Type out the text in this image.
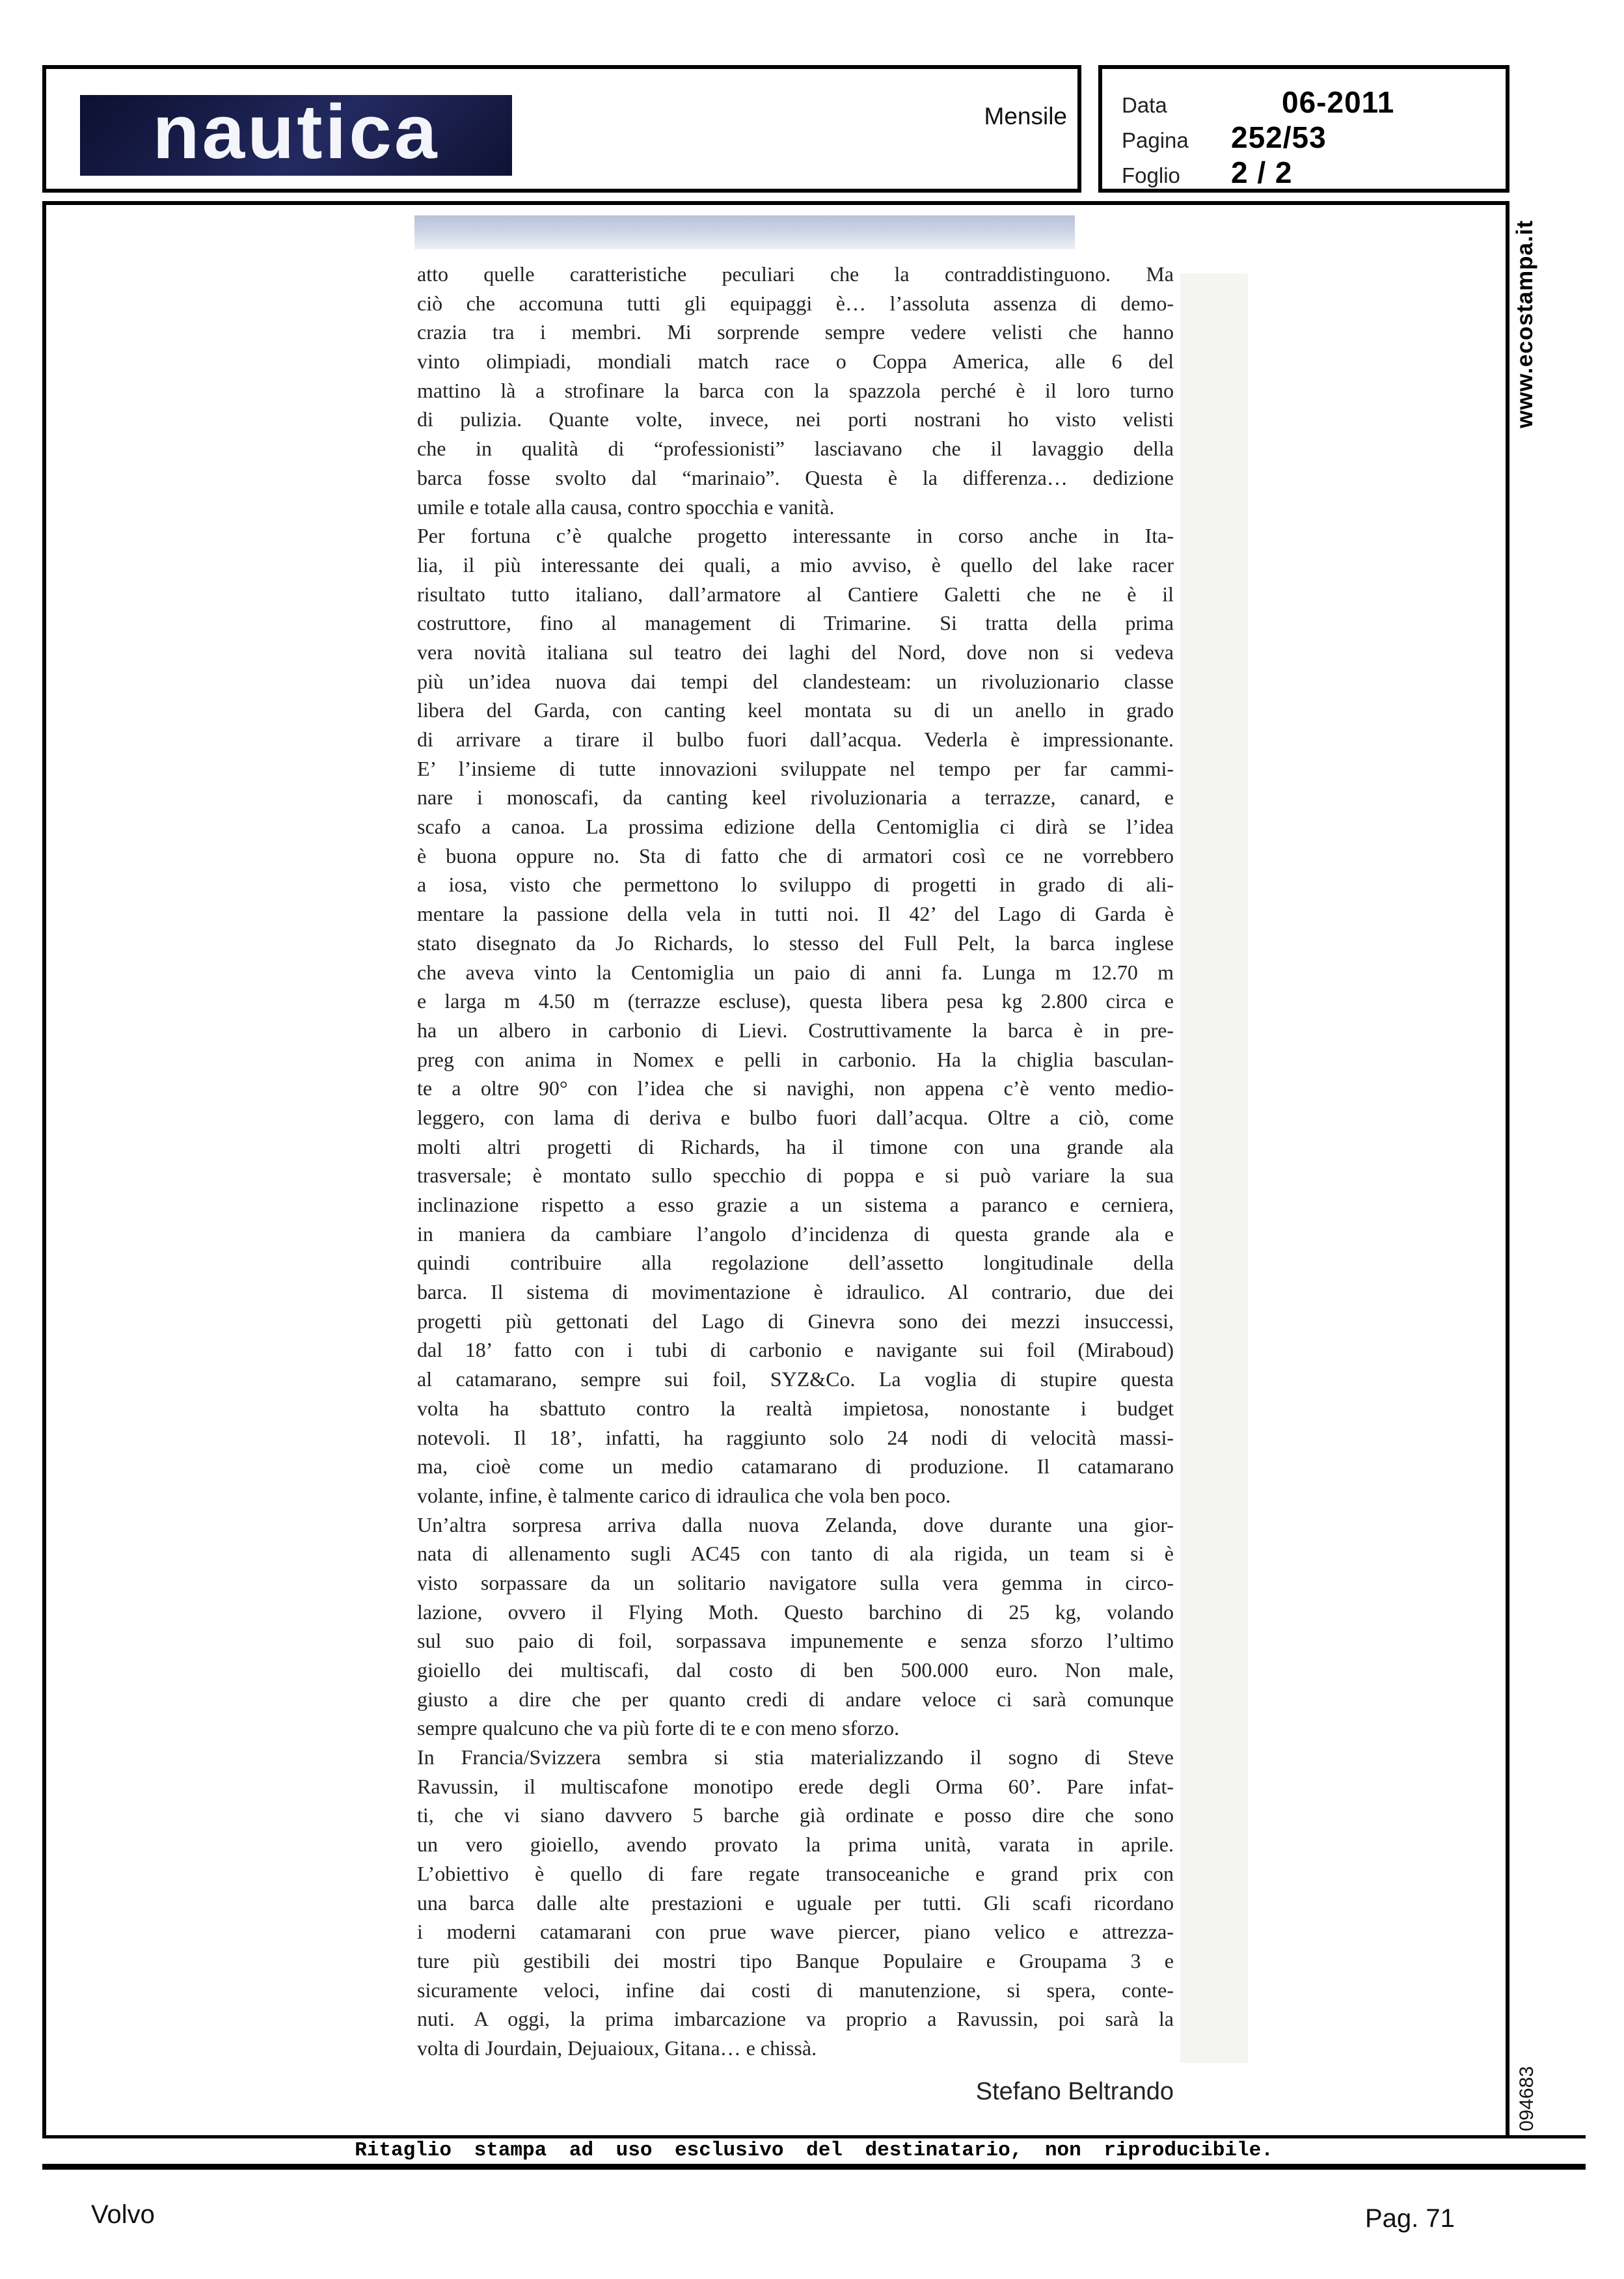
nautica	Mensile	Data	06-2011
Pagina	252/53
Foglio	2 / 2
atto quelle caratteristiche peculiari che la contraddistinguono. Ma
ciò che accomuna tutti gli equipaggi è… l’assoluta assenza di demo-
crazia tra i membri. Mi sorprende sempre vedere velisti che hanno
vinto olimpiadi, mondiali match race o Coppa America, alle 6 del
mattino là a strofinare la barca con la spazzola perché è il loro turno
di pulizia. Quante volte, invece, nei porti nostrani ho visto velisti
che in qualità di “professionisti” lasciavano che il lavaggio della
barca fosse svolto dal “marinaio”. Questa è la differenza… dedizione
umile e totale alla causa, contro spocchia e vanità.
Per fortuna c’è qualche progetto interessante in corso anche in Ita-
lia, il più interessante dei quali, a mio avviso, è quello del lake racer
risultato tutto italiano, dall’armatore al Cantiere Galetti che ne è il
costruttore, fino al management di Trimarine. Si tratta della prima
vera novità italiana sul teatro dei laghi del Nord, dove non si vedeva
più un’idea nuova dai tempi del clandesteam: un rivoluzionario classe
libera del Garda, con canting keel montata su di un anello in grado
di arrivare a tirare il bulbo fuori dall’acqua. Vederla è impressionante.
E’ l’insieme di tutte innovazioni sviluppate nel tempo per far cammi-
nare i monoscafi, da canting keel rivoluzionaria a terrazze, canard, e
scafo a canoa. La prossima edizione della Centomiglia ci dirà se l’idea
è buona oppure no. Sta di fatto che di armatori così ce ne vorrebbero
a iosa, visto che permettono lo sviluppo di progetti in grado di ali-
mentare la passione della vela in tutti noi. Il 42’ del Lago di Garda è
stato disegnato da Jo Richards, lo stesso del Full Pelt, la barca inglese
che aveva vinto la Centomiglia un paio di anni fa. Lunga m 12.70 m
e larga m 4.50 m (terrazze escluse), questa libera pesa kg 2.800 circa e
ha un albero in carbonio di Lievi. Costruttivamente la barca è in pre-
preg con anima in Nomex e pelli in carbonio. Ha la chiglia basculan-
te a oltre 90° con l’idea che si navighi, non appena c’è vento medio-
leggero, con lama di deriva e bulbo fuori dall’acqua. Oltre a ciò, come
molti altri progetti di Richards, ha il timone con una grande ala
trasversale; è montato sullo specchio di poppa e si può variare la sua
inclinazione rispetto a esso grazie a un sistema a paranco e cerniera,
in maniera da cambiare l’angolo d’incidenza di questa grande ala e
quindi contribuire alla regolazione dell’assetto longitudinale della
barca. Il sistema di movimentazione è idraulico. Al contrario, due dei
progetti più gettonati del Lago di Ginevra sono dei mezzi insuccessi,
dal 18’ fatto con i tubi di carbonio e navigante sui foil (Miraboud)
al catamarano, sempre sui foil, SYZ&Co. La voglia di stupire questa
volta ha sbattuto contro la realtà impietosa, nonostante i budget
notevoli. Il 18’, infatti, ha raggiunto solo 24 nodi di velocità massi-
ma, cioè come un medio catamarano di produzione. Il catamarano
volante, infine, è talmente carico di idraulica che vola ben poco.
Un’altra sorpresa arriva dalla nuova Zelanda, dove durante una gior-
nata di allenamento sugli AC45 con tanto di ala rigida, un team si è
visto sorpassare da un solitario navigatore sulla vera gemma in circo-
lazione, ovvero il Flying Moth. Questo barchino di 25 kg, volando
sul suo paio di foil, sorpassava impunemente e senza sforzo l’ultimo
gioiello dei multiscafi, dal costo di ben 500.000 euro. Non male,
giusto a dire che per quanto credi di andare veloce ci sarà comunque
sempre qualcuno che va più forte di te e con meno sforzo.
In Francia/Svizzera sembra si stia materializzando il sogno di Steve
Ravussin, il multiscafone monotipo erede degli Orma 60’. Pare infat-
ti, che vi siano davvero 5 barche già ordinate e posso dire che sono
un vero gioiello, avendo provato la prima unità, varata in aprile.
L’obiettivo è quello di fare regate transoceaniche e grand prix con
una barca dalle alte prestazioni e uguale per tutti. Gli scafi ricordano
i moderni catamarani con prue wave piercer, piano velico e attrezza-
ture più gestibili dei mostri tipo Banque Populaire e Groupama 3 e
sicuramente veloci, infine dai costi di manutenzione, si spera, conte-
nuti. A oggi, la prima imbarcazione va proprio a Ravussin, poi sarà la
volta di Jourdain, Dejuaioux, Gitana… e chissà.
Stefano Beltrando
www.ecostampa.it
094683
Ritaglio stampa ad uso esclusivo del destinatario, non riproducibile.
Volvo	Pag. 71
